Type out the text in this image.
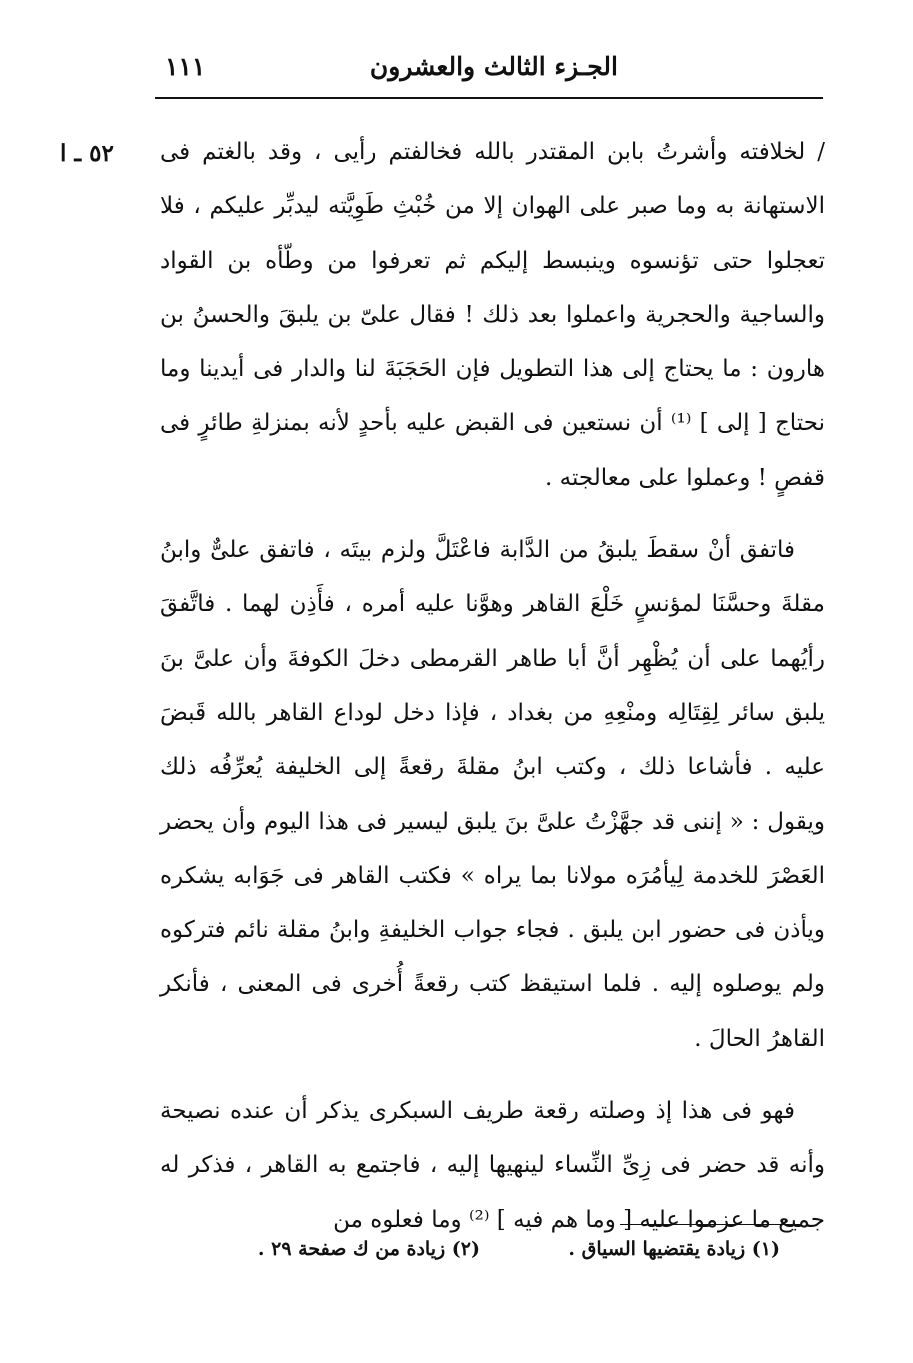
الجـزء الثالث والعشرون
١١١
٥٢ ـ ا / لخلافته وأشرتُ بابن المقتدر بالله فخالفتم رأيى ، وقد بالغتم فى الاستهانة به وما صبر على الهوان إلا من خُبْثِ طَوِيَّته ليدبِّر عليكم ، فلا تعجلوا حتى تؤنسوه وينبسط إليكم ثم تعرفوا من وطّأه بن القواد والساجية والحجرية واعملوا بعد ذلك ! فقال علىّ بن يلبقَ والحسنُ بن هارون : ما يحتاج إلى هذا التطويل فإن الحَجَبَةَ لنا والدار فى أيدينا وما نحتاج [ إلى ] ⁽¹⁾ أن نستعين فى القبض عليه بأحدٍ لأنه بمنزلةِ طائرٍ فى قفصٍ ! وعملوا على معالجته .

فاتفق أنْ سقطَ يلبقُ من الدَّابة فاعْتَلَّ ولزم بيتَه ، فاتفق علىٌّ وابنُ مقلةَ وحسَّنَا لمؤنسٍ خَلْعَ القاهر وهوَّنا عليه أمره ، فأَذِن لهما . فاتَّفقَ رأيُهما على أن يُظْهِر أنَّ أبا طاهر القرمطى دخلَ الكوفةَ وأن علىَّ بنَ يلبق سائر لِقِتَالِه ومنْعِهِ من بغداد ، فإذا دخل لوداع القاهر بالله قَبضَ عليه . فأشاعا ذلك ، وكتب ابنُ مقلةَ رقعةً إلى الخليفة يُعرِّفُه ذلك ويقول : « إننى قد جهَّزْتُ علىَّ بنَ يلبق ليسير فى هذا اليوم وأن يحضر العَصْرَ للخدمة لِيأمُرَه مولانا بما يراه » فكتب القاهر فى جَوَابه يشكره ويأذن فى حضور ابن يلبق . فجاء جواب الخليفةِ وابنُ مقلة نائم فتركوه ولم يوصلوه إليه . فلما استيقظ كتب رقعةً أُخرى فى المعنى ، فأنكر القاهرُ الحالَ .

فهو فى هذا إذ وصلته رقعة طريف السبكرى يذكر أن عنده نصيحة وأنه قد حضر فى زِىِّ النِّساء لينهيها إليه ، فاجتمع به القاهر ، فذكر له جميع ما عزموا عليه [ وما هم فيه ] ⁽²⁾ وما فعلوه من

(١) زيادة يقتضيها السياق .
(٢) زيادة من ك صفحة ٢٩ .
